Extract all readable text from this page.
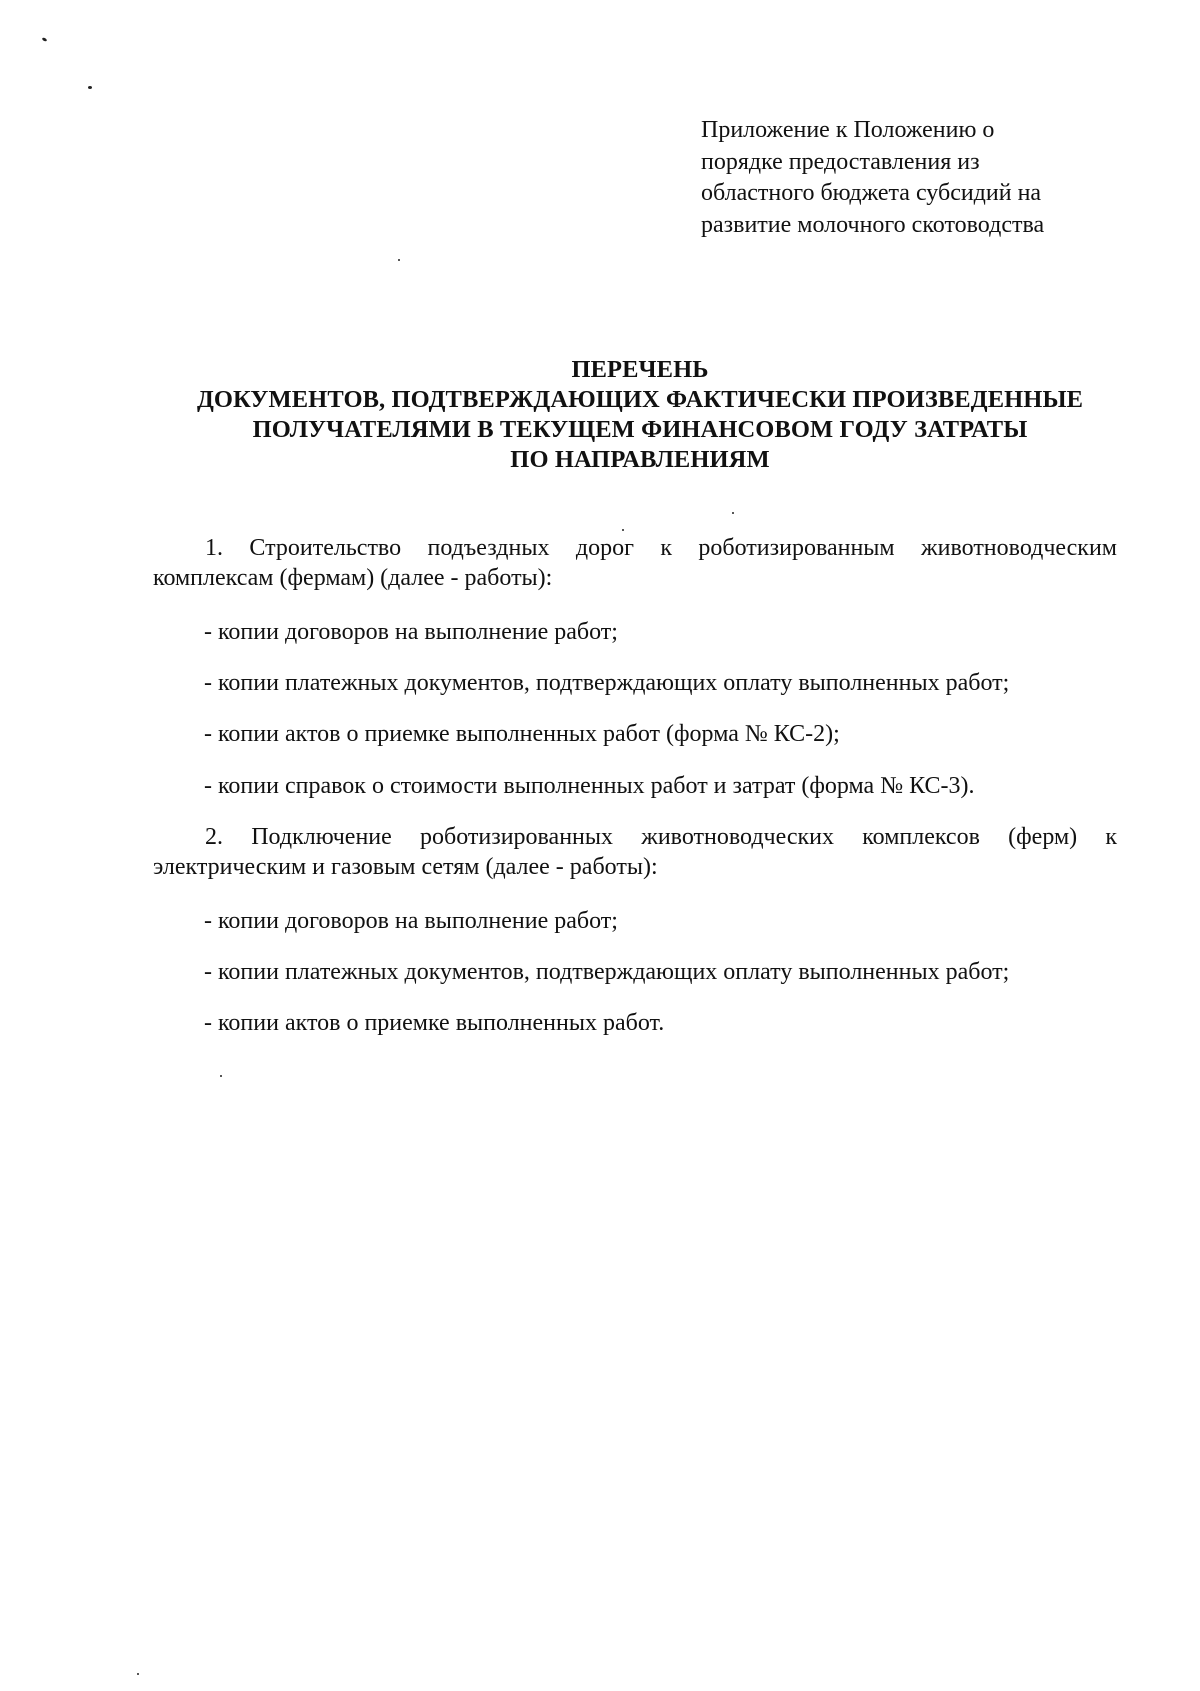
Приложение к Положению о
порядке предоставления из
областного бюджета субсидий на
развитие молочного скотоводства
ПЕРЕЧЕНЬ
ДОКУМЕНТОВ, ПОДТВЕРЖДАЮЩИХ ФАКТИЧЕСКИ ПРОИЗВЕДЕННЫЕ
ПОЛУЧАТЕЛЯМИ В ТЕКУЩЕМ ФИНАНСОВОМ ГОДУ ЗАТРАТЫ
ПО НАПРАВЛЕНИЯМ
1. Строительство подъездных дорог к роботизированным животноводческим комплексам (фермам) (далее - работы):
- копии договоров на выполнение работ;
- копии платежных документов, подтверждающих оплату выполненных работ;
- копии актов о приемке выполненных работ (форма № КС-2);
- копии справок о стоимости выполненных работ и затрат (форма № КС-3).
2. Подключение роботизированных животноводческих комплексов (ферм) к электрическим и газовым сетям (далее - работы):
- копии договоров на выполнение работ;
- копии платежных документов, подтверждающих оплату выполненных работ;
- копии актов о приемке выполненных работ.
